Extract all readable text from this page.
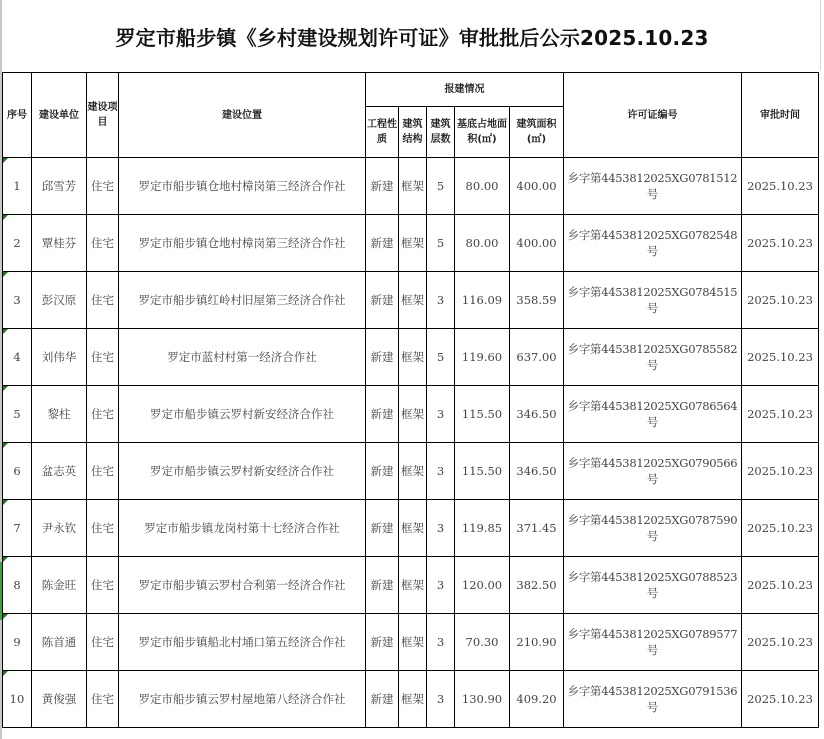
罗定市船步镇《乡村建设规划许可证》审批批后公示2025.10.23
序号	建设单位	建设项目	建设位置	报建情况					许可证编号	审批时间
				工程性质	建筑结构	建筑层数	基底占地面积(㎡)	建筑面积(㎡)		
1	邱雪芳	住宅	罗定市船步镇仓地村樟岗第三经济合作社	新建	框架	5	80.00	400.00	乡字第4453812025XG0781512号	2025.10.23
2	覃桂芬	住宅	罗定市船步镇仓地村樟岗第三经济合作社	新建	框架	5	80.00	400.00	乡字第4453812025XG0782548号	2025.10.23
3	彭汉原	住宅	罗定市船步镇红岭村旧屋第三经济合作社	新建	框架	3	116.09	358.59	乡字第4453812025XG0784515号	2025.10.23
4	刘伟华	住宅	罗定市蓝村村第一经济合作社	新建	框架	5	119.60	637.00	乡字第4453812025XG0785582号	2025.10.23
5	黎柱	住宅	罗定市船步镇云罗村新安经济合作社	新建	框架	3	115.50	346.50	乡字第4453812025XG0786564号	2025.10.23
6	盆志英	住宅	罗定市船步镇云罗村新安经济合作社	新建	框架	3	115.50	346.50	乡字第4453812025XG0790566号	2025.10.23
7	尹永钦	住宅	罗定市船步镇龙岗村第十七经济合作社	新建	框架	3	119.85	371.45	乡字第4453812025XG0787590号	2025.10.23
8	陈金旺	住宅	罗定市船步镇云罗村合利第一经济合作社	新建	框架	3	120.00	382.50	乡字第4453812025XG0788523号	2025.10.23
9	陈首通	住宅	罗定市船步镇船北村埇口第五经济合作社	新建	框架	3	70.30	210.90	乡字第4453812025XG0789577号	2025.10.23
10	黄俊强	住宅	罗定市船步镇云罗村屋地第八经济合作社	新建	框架	3	130.90	409.20	乡字第4453812025XG0791536号	2025.10.23
